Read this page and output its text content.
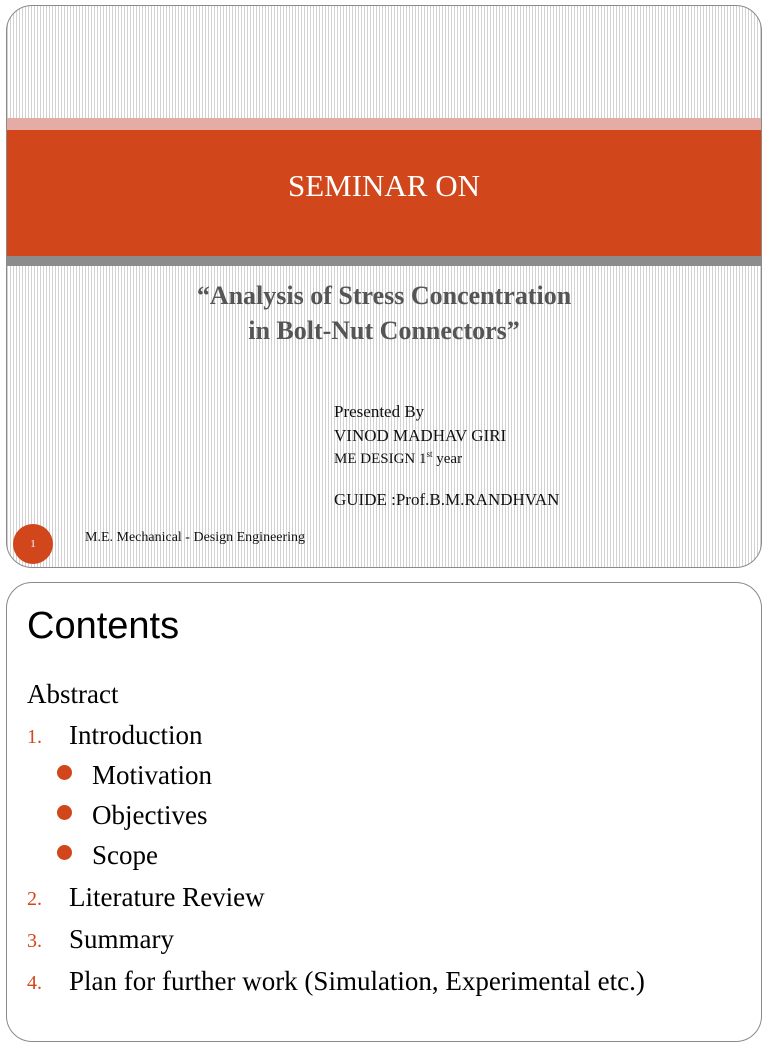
SEMINAR ON
“Analysis of Stress Concentration
in Bolt-Nut Connectors”
Presented By
VINOD MADHAV GIRI
ME DESIGN 1st year
GUIDE :Prof.B.M.RANDHVAN
1	M.E. Mechanical - Design Engineering
Contents
Abstract
1. Introduction
Motivation
Objectives
Scope
2. Literature Review
3. Summary
4. Plan for further work (Simulation, Experimental etc.)
